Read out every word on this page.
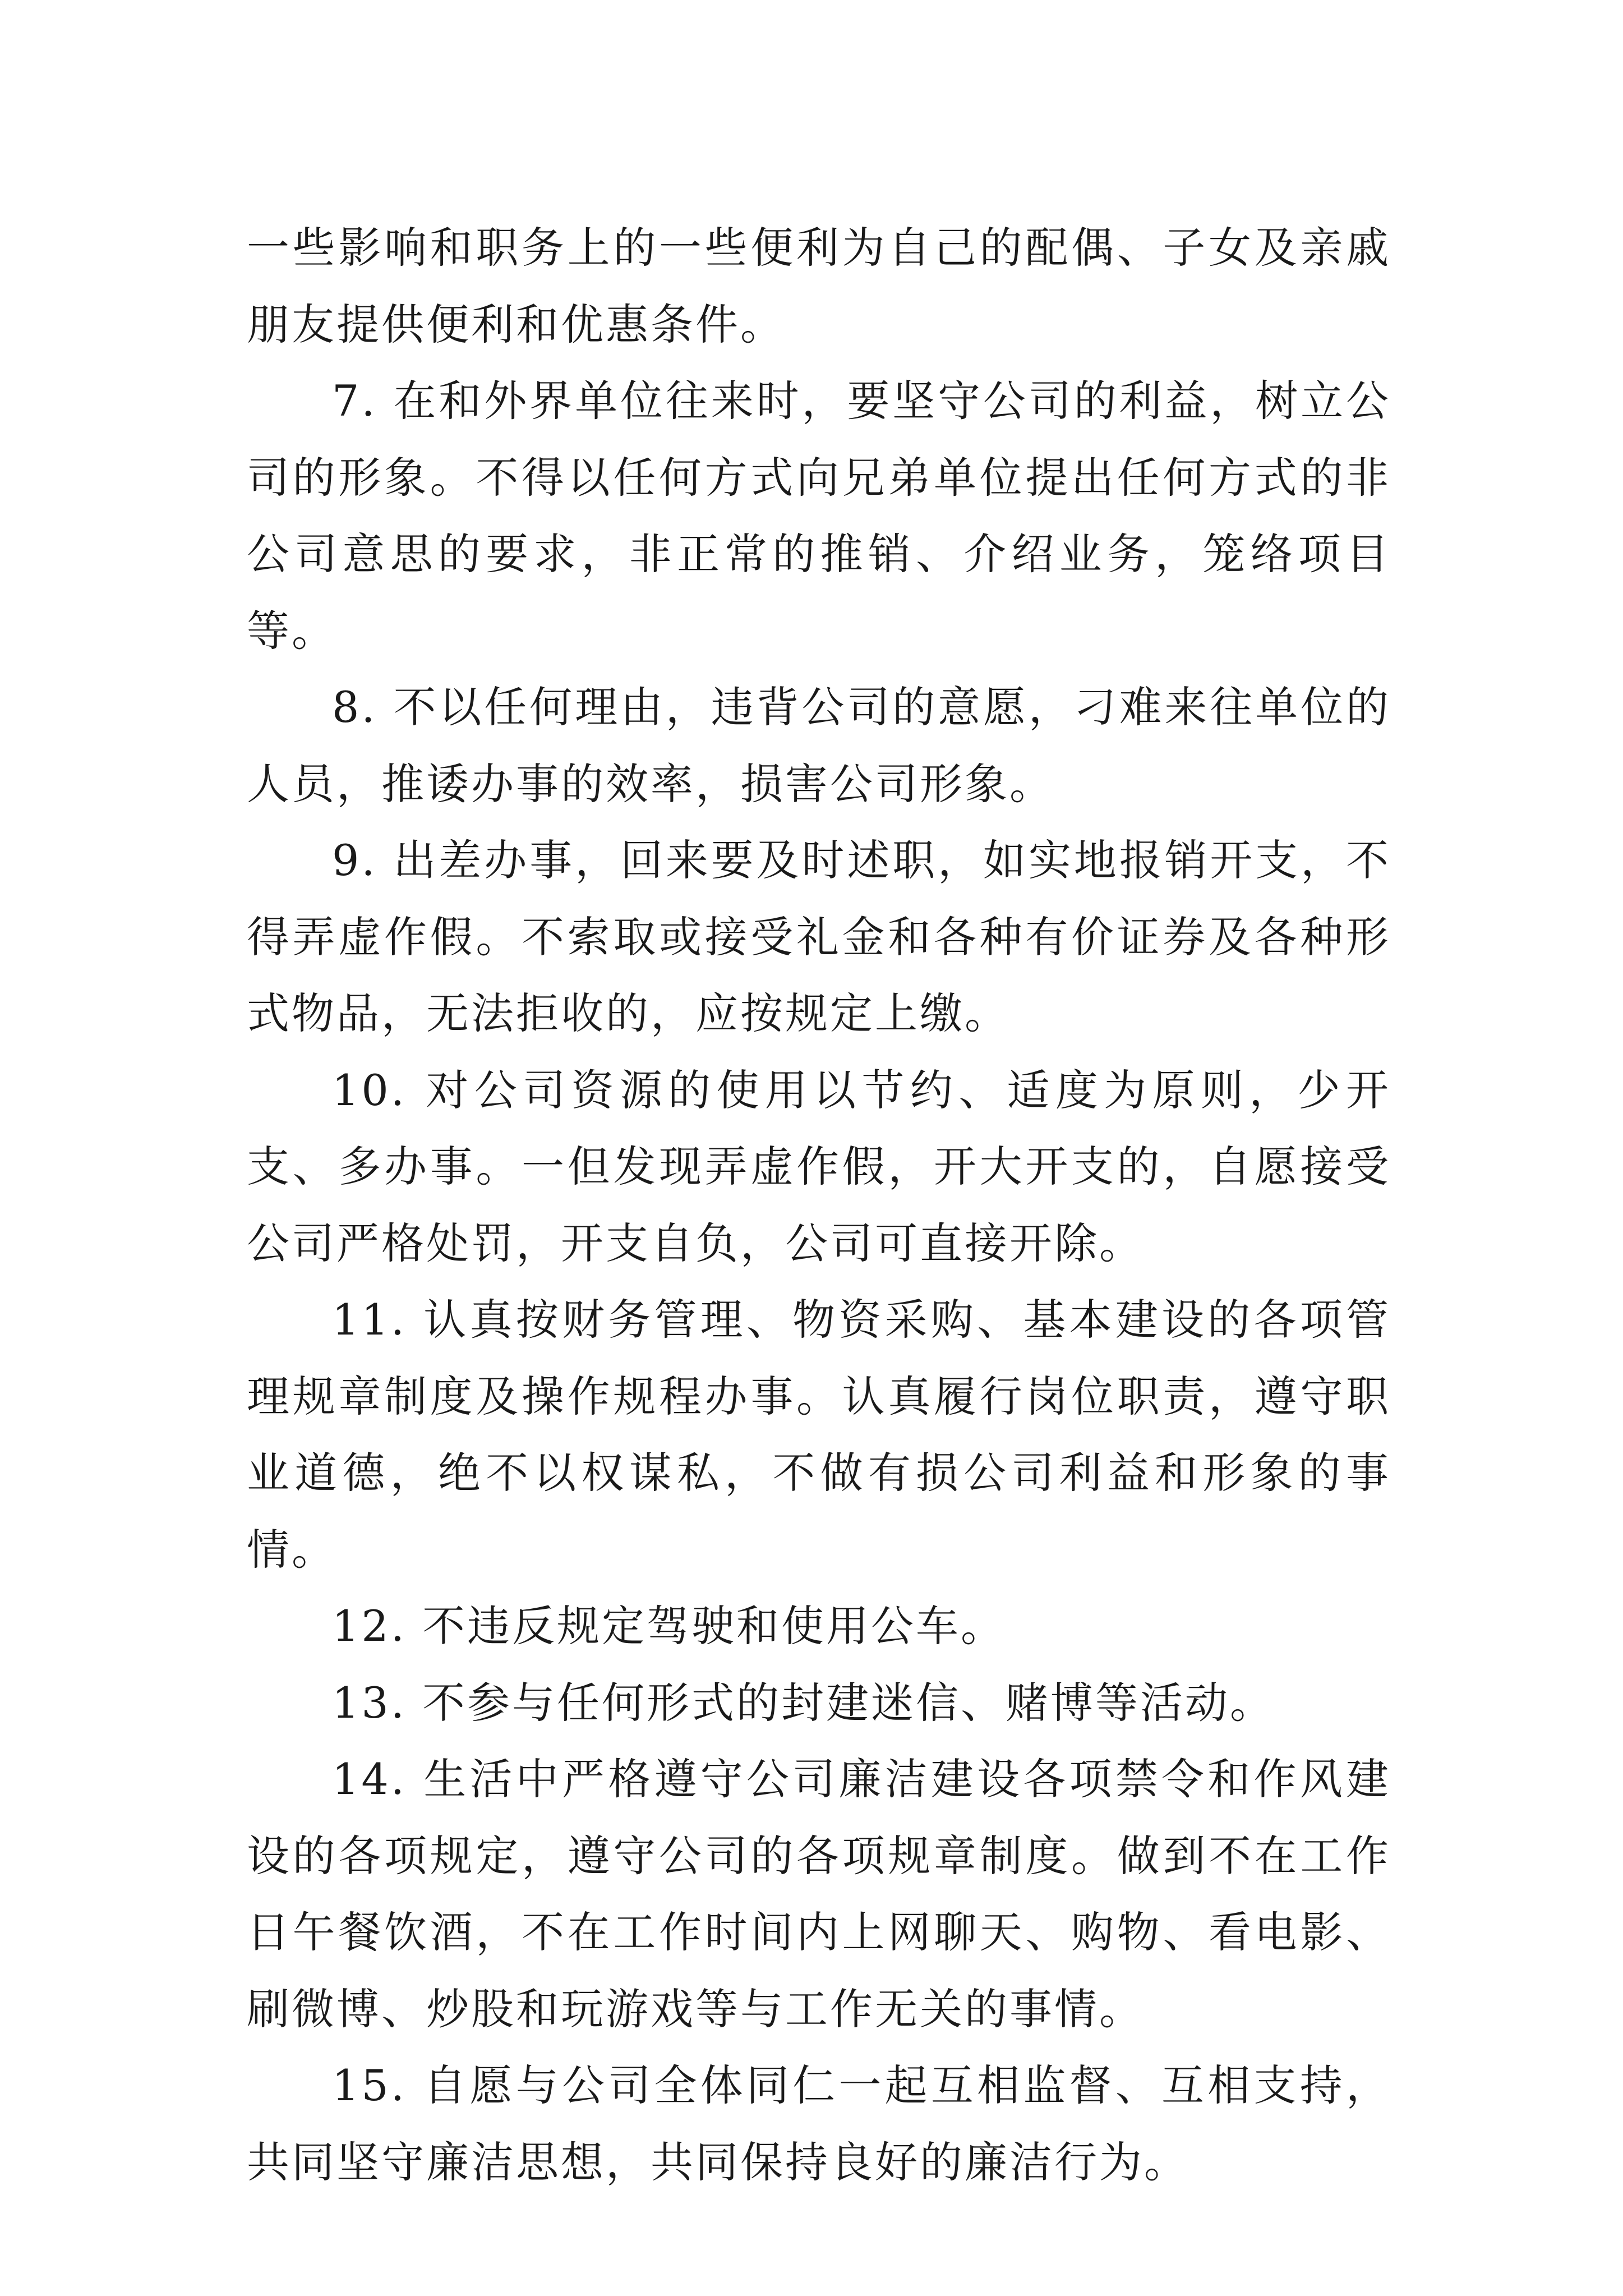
一些影响和职务上的一些便利为自己的配偶、子女及亲戚朋友提供便利和优惠条件。

7. 在和外界单位往来时，要坚守公司的利益，树立公司的形象。不得以任何方式向兄弟单位提出任何方式的非公司意思的要求，非正常的推销、介绍业务，笼络项目等。

8. 不以任何理由，违背公司的意愿，刁难来往单位的人员，推诿办事的效率，损害公司形象。

9. 出差办事，回来要及时述职，如实地报销开支，不得弄虚作假。不索取或接受礼金和各种有价证券及各种形式物品，无法拒收的，应按规定上缴。

10. 对公司资源的使用以节约、适度为原则，少开支、多办事。一但发现弄虚作假，开大开支的，自愿接受公司严格处罚，开支自负，公司可直接开除。

11. 认真按财务管理、物资采购、基本建设的各项管理规章制度及操作规程办事。认真履行岗位职责，遵守职业道德，绝不以权谋私，不做有损公司利益和形象的事情。

12. 不违反规定驾驶和使用公车。

13. 不参与任何形式的封建迷信、赌博等活动。

14. 生活中严格遵守公司廉洁建设各项禁令和作风建设的各项规定，遵守公司的各项规章制度。做到不在工作日午餐饮酒，不在工作时间内上网聊天、购物、看电影、刷微博、炒股和玩游戏等与工作无关的事情。

15. 自愿与公司全体同仁一起互相监督、互相支持，共同坚守廉洁思想，共同保持良好的廉洁行为。
